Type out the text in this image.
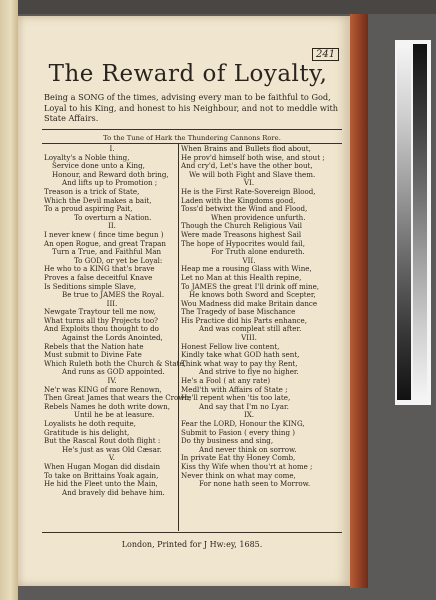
241
The Reward of Loyalty,
Being a SONG of the times, advising every man to be faithful to God, Loyal to his King, and honest to his Neighbour, and not to meddle with State Affairs.
To the Tune of Hark the Thundering Cannons Rore.
I.
Loyalty's a Noble thing,
Service done unto a King,
Honour, and Reward doth bring,
And lifts up to Promotion ;
Treason is a trick of State,
Which the Devil makes a bait,
To a proud aspiring Pait,
To overturn a Nation.
II.
I never knew ( fince time begun )
An open Rogue, and great Trapan
Turn a True, and Faithful Man
To GOD, or yet be Loyal:
He who to a KING that's brave
Proves a false deceitful Knave
Is Seditions simple Slave,
Be true to JAMES the Royal.
III.
Newgate Traytour tell me now,
What turns all thy Projects too?
And Exploits thou thought to do
Against the Lords Anointed,
Rebels that the Nation hate
Must submit to Divine Fate
Which Ruleth both the Church & State,
And runs as GOD appointed.
IV.
Ne'r was KING of more Renown,
Then Great James that wears the Crown;
Rebels Names he doth write down,
Until he be at leasure.
Loyalists he doth requite,
Gratitude is his delight,
But the Rascal Rout doth flight :
He's just as was Old Cæsar.
V.
When Hugan Mogan did disdain
To take on Brittains Yoak again,
He hid the Fleet unto the Main,
And bravely did behave him.
When Brains and Bullets flod about,
He prov'd himself both wise, and stout ;
And cry'd, Let's have the other bout,
We will both Fight and Slave them.
VI.
He is the First Rate-Sovereign Blood,
Laden with the Kingdoms good,
Toss'd betwixt the Wind and Flood,
When providence unfurth.
Though the Church Religious Vail
Were made Treasons highest Sail
The hope of Hypocrites would fail,
For Truth alone endureth.
VII.
Heap me a rousing Glass with Wine,
Let no Man at this Health repine,
To JAMES the great I'll drink off mine,
He knows both Sword and Scepter,
Wou Madness did make Britain dance
The Tragedy of base Mischance
His Practice did his Parts enhance,
And was compleat still after.
VIII.
Honest Fellow live content,
Kindly take what GOD hath sent,
Think what way to pay thy Rent,
And strive to flye no higher.
He's a Fool ( at any rate)
Medl'th with Affairs of State ;
He'll repent when 'tis too late,
And say that I'm no Lyar.
IX.
Fear the LORD, Honour the KING,
Submit to Fasion ( every thing )
Do thy business and sing,
And never think on sorrow.
In private Eat thy Honey Comb,
Kiss thy Wife when thou'rt at home ;
Never think on what may come,
For none hath seen to Morrow.
London, Printed for J Hw:ey, 1685.
